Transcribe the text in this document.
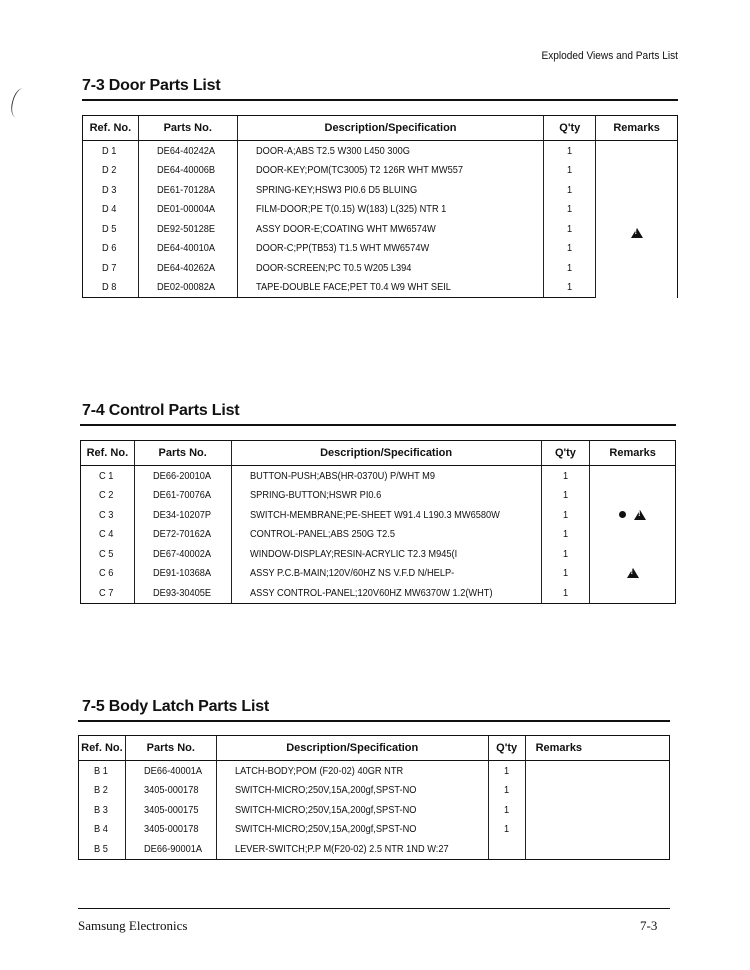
Exploded Views and Parts List
7-3 Door Parts List
Ref. No.	Parts No.	Description/Specification	Q'ty	Remarks
D 1	DE64-40242A	DOOR-A;ABS T2.5 W300 L450 300G	1	!
D 2	DE64-40006B	DOOR-KEY;POM(TC3005) T2 126R WHT MW557	1	
D 3	DE61-70128A	SPRING-KEY;HSW3 PI0.6 D5 BLUING	1	
D 4	DE01-00004A	FILM-DOOR;PE T(0.15) W(183) L(325) NTR 1	1	
D 5	DE92-50128E	ASSY DOOR-E;COATING WHT MW6574W	1	
D 6	DE64-40010A	DOOR-C;PP(TB53) T1.5 WHT MW6574W	1	
D 7	DE64-40262A	DOOR-SCREEN;PC T0.5 W205 L394	1	
D 8	DE02-00082A	TAPE-DOUBLE FACE;PET T0.4 W9 WHT SEIL	1	
7-4 Control Parts List
Ref. No.	Parts No.	Description/Specification	Q'ty	Remarks
C 1	DE66-20010A	BUTTON-PUSH;ABS(HR-0370U) P/WHT M9	1	
C 2	DE61-70076A	SPRING-BUTTON;HSWR PI0.6	1	
C 3	DE34-10207P	SWITCH-MEMBRANE;PE-SHEET W91.4 L190.3 MW6580W	1	!
C 4	DE72-70162A	CONTROL-PANEL;ABS 250G T2.5	1	
C 5	DE67-40002A	WINDOW-DISPLAY;RESIN-ACRYLIC T2.3 M945(I	1	
C 6	DE91-10368A	ASSY P.C.B-MAIN;120V/60HZ NS V.F.D N/HELP-	1	!
C 7	DE93-30405E	ASSY CONTROL-PANEL;120V60HZ MW6370W 1.2(WHT)	1	
7-5 Body Latch Parts List
Ref. No.	Parts No.	Description/Specification	Q'ty	Remarks
B 1	DE66-40001A	LATCH-BODY;POM (F20-02) 40GR NTR	1	
B 2	3405-000178	SWITCH-MICRO;250V,15A,200gf,SPST-NO	1	
B 3	3405-000175	SWITCH-MICRO;250V,15A,200gf,SPST-NO	1	
B 4	3405-000178	SWITCH-MICRO;250V,15A,200gf,SPST-NO	1	
B 5	DE66-90001A	LEVER-SWITCH;P.P M(F20-02) 2.5 NTR 1ND W:27		
Samsung Electronics	7-3
